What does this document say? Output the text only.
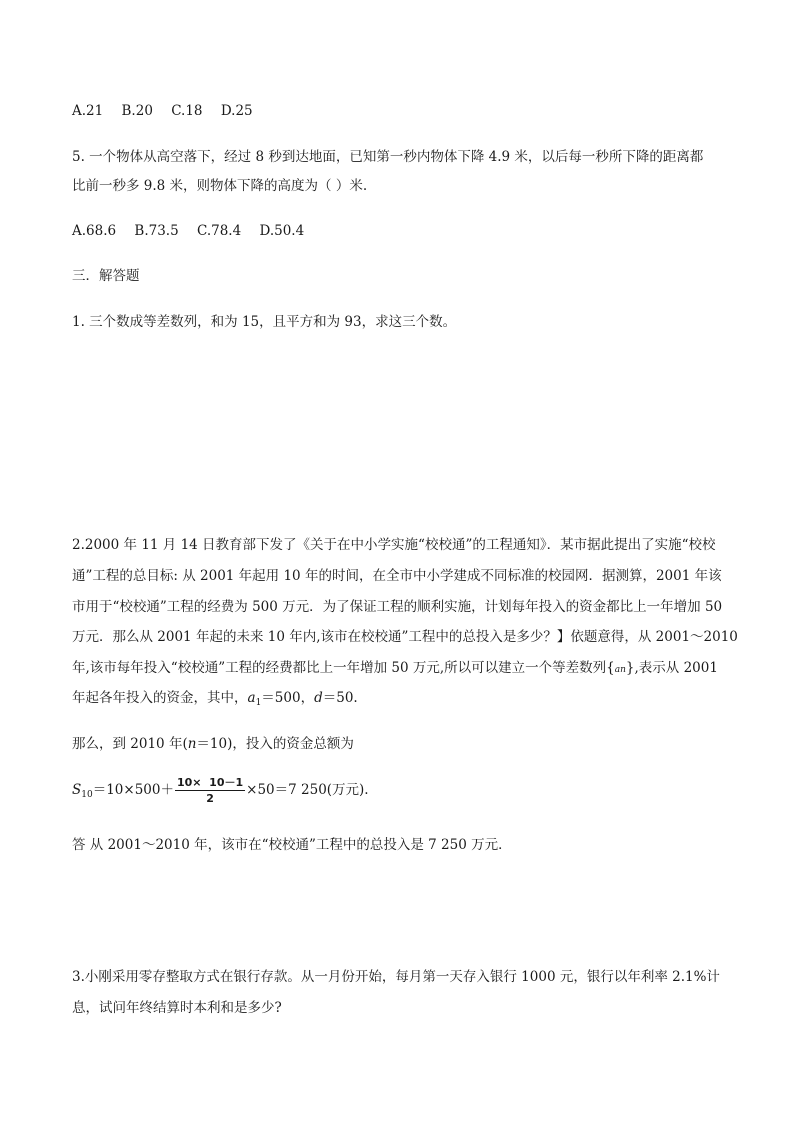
A.21 B.20 C.18 D.25
5. 一个物体从高空落下，经过 8 秒到达地面，已知第一秒内物体下降 4.9 米，以后每一秒所下降的距离都
比前一秒多 9.8 米，则物体下降的高度为（ ）米.
A.68.6 B.73.5 C.78.4 D.50.4
三．解答题
1. 三个数成等差数列，和为 15，且平方和为 93，求这三个数。
2.2000 年 11 月 14 日教育部下发了《关于在中小学实施“校校通”的工程通知》．某市据此提出了实施“校校
通”工程的总目标: 从 2001 年起用 10 年的时间，在全市中小学建成不同标准的校园网．据测算，2001 年该
市用于“校校通”工程的经费为 500 万元．为了保证工程的顺利实施，计划每年投入的资金都比上一年增加 50
万元．那么从 2001 年起的未来 10 年内,该市在校校通”工程中的总投入是多少？】依题意得，从 2001～2010
年,该市每年投入“校校通”工程的经费都比上一年增加 50 万元,所以可以建立一个等差数列{an},表示从 2001
年起各年投入的资金，其中，$a_1=500$，d＝50.
那么，到 2010 年(n＝10)，投入的资金总额为
$S_{10}=10\times 500+ \frac{10\times 10-1}{2} \times 50=7$ 250(万元).
答 从 2001～2010 年，该市在“校校通”工程中的总投入是 7 250 万元．
3.小刚采用零存整取方式在银行存款。从一月份开始，每月第一天存入银行 1000 元，银行以年利率 2.1%计
息，试问年终结算时本利和是多少?
